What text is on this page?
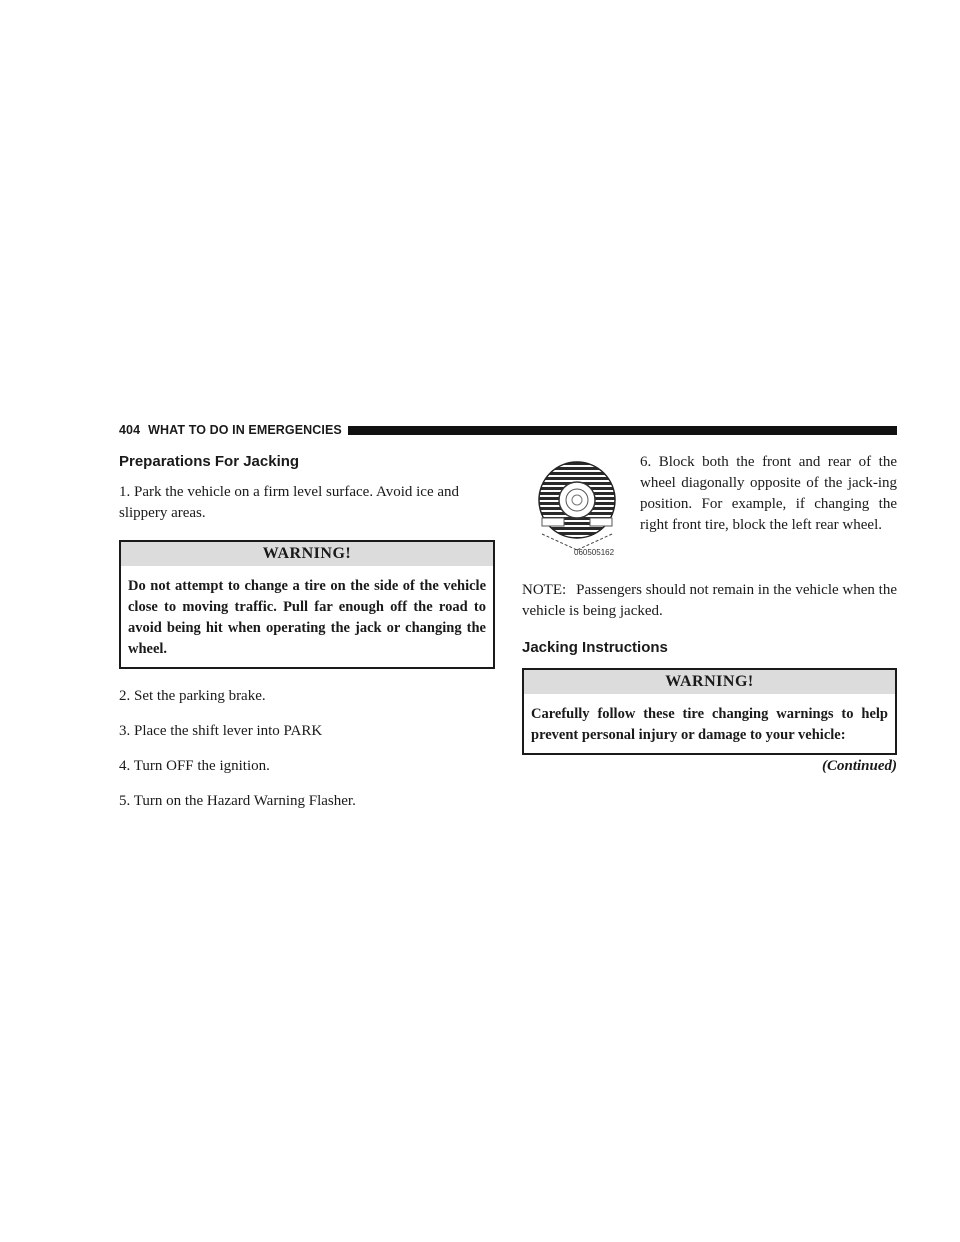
404 WHAT TO DO IN EMERGENCIES
Preparations For Jacking

1. Park the vehicle on a firm level surface. Avoid ice and slippery areas.

WARNING!
Do not attempt to change a tire on the side of the vehicle close to moving traffic. Pull far enough off the road to avoid being hit when operating the jack or changing the wheel.

2. Set the parking brake.

3. Place the shift lever into PARK

4. Turn OFF the ignition.

5. Turn on the Hazard Warning Flasher.

060505162

6. Block both the front and rear of the wheel diagonally opposite of the jack-ing position. For example, if changing the right front tire, block the left rear wheel.

NOTE: Passengers should not remain in the vehicle when the vehicle is being jacked.

Jacking Instructions
WARNING!
Carefully follow these tire changing warnings to help prevent personal injury or damage to your vehicle:
(Continued)
